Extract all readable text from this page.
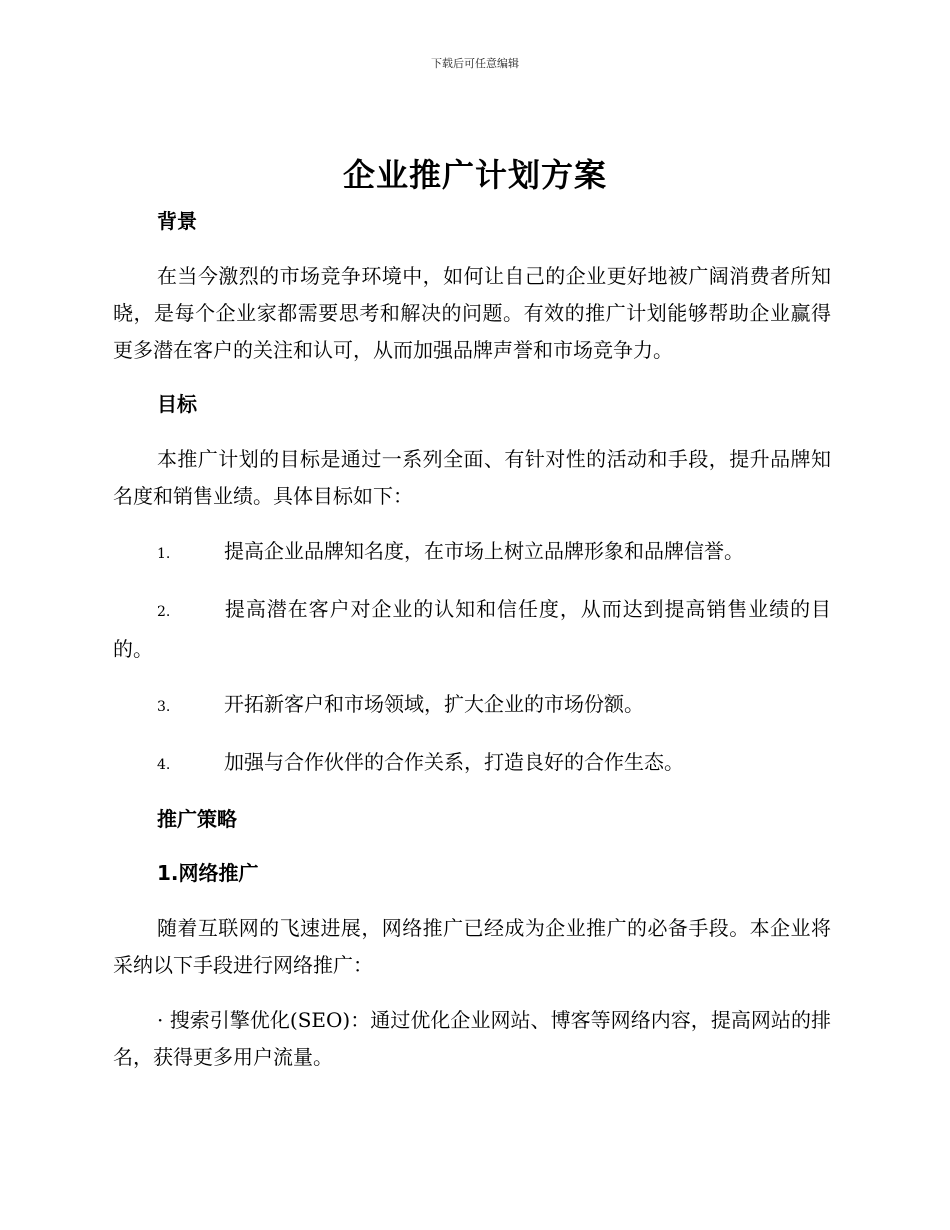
下载后可任意编辑
企业推广计划方案
背景

在当今激烈的市场竞争环境中，如何让自己的企业更好地被广阔消费者所知晓，是每个企业家都需要思考和解决的问题。有效的推广计划能够帮助企业赢得更多潜在客户的关注和认可，从而加强品牌声誉和市场竞争力。

目标

本推广计划的目标是通过一系列全面、有针对性的活动和手段，提升品牌知名度和销售业绩。具体目标如下：

1.	提高企业品牌知名度，在市场上树立品牌形象和品牌信誉。

2.	提高潜在客户对企业的认知和信任度，从而达到提高销售业绩的目的。

3.	开拓新客户和市场领域，扩大企业的市场份额。

4.	加强与合作伙伴的合作关系，打造良好的合作生态。

推广策略
1.网络推广

随着互联网的飞速进展，网络推广已经成为企业推广的必备手段。本企业将采纳以下手段进行网络推广：

· 搜索引擎优化(SEO)：通过优化企业网站、博客等网络内容，提高网站的排名，获得更多用户流量。
